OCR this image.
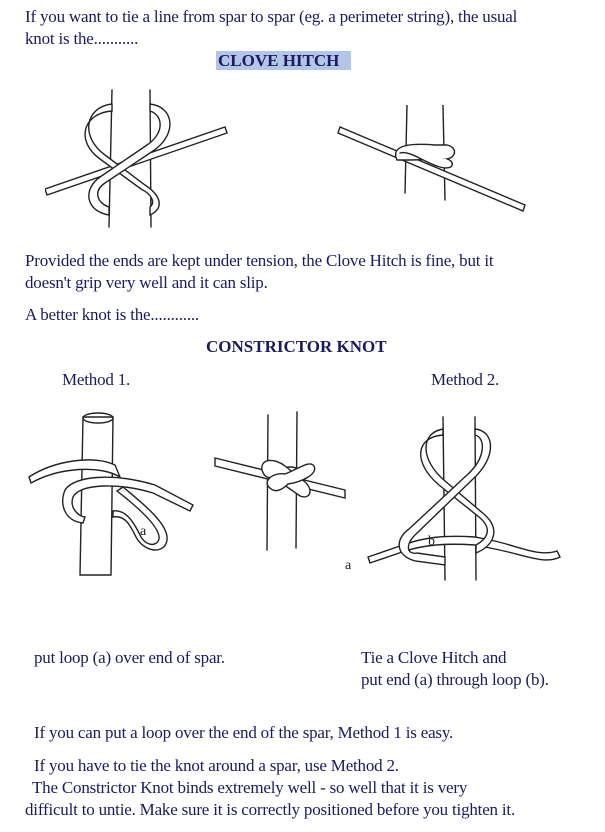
If you want to tie a line from spar to spar (eg. a perimeter string), the usual
knot is the...........
CLOVE HITCH
Provided the ends are kept under tension, the Clove Hitch is fine, but it
doesn't grip very well and it can slip.
A better knot is the............
CONSTRICTOR KNOT
Method 1.	Method 2.
a
b
a
put loop (a) over end of spar.	Tie a Clove Hitch and
put end (a) through loop (b).
If you can put a loop over the end of the spar, Method 1 is easy.
If you have to tie the knot around a spar, use Method 2.
The Constrictor Knot binds extremely well - so well that it is very
difficult to untie. Make sure it is correctly positioned before you tighten it.
